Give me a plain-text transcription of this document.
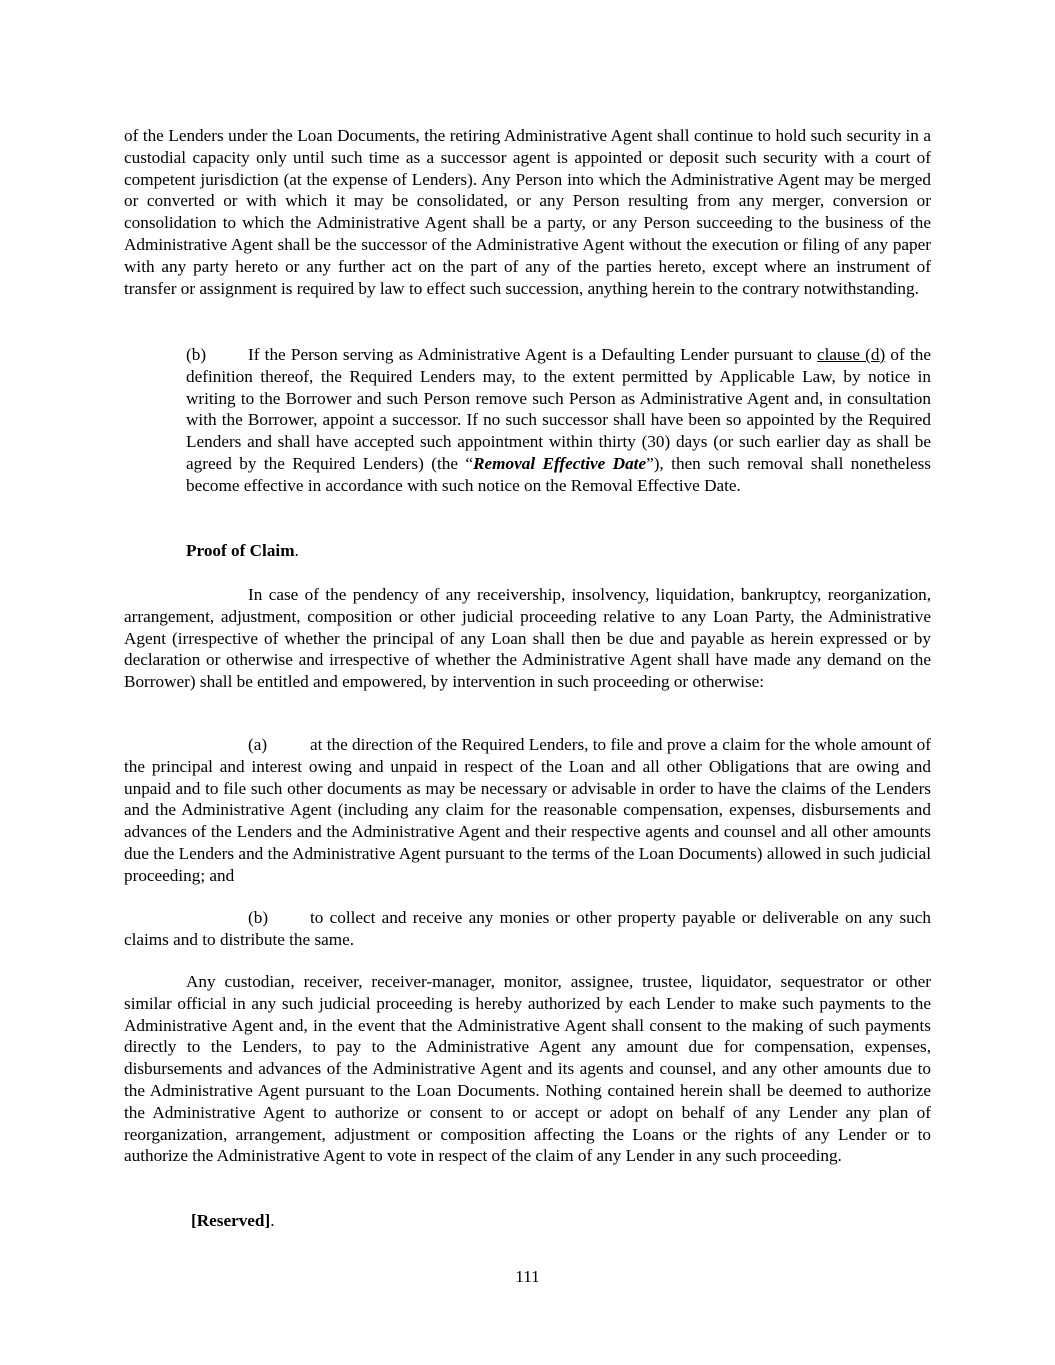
of the Lenders under the Loan Documents, the retiring Administrative Agent shall continue to hold such security in a custodial capacity only until such time as a successor agent is appointed or deposit such security with a court of competent jurisdiction (at the expense of Lenders). Any Person into which the Administrative Agent may be merged or converted or with which it may be consolidated, or any Person resulting from any merger, conversion or consolidation to which the Administrative Agent shall be a party, or any Person succeeding to the business of the Administrative Agent shall be the successor of the Administrative Agent without the execution or filing of any paper with any party hereto or any further act on the part of any of the parties hereto, except where an instrument of transfer or assignment is required by law to effect such succession, anything herein to the contrary notwithstanding.

(b) If the Person serving as Administrative Agent is a Defaulting Lender pursuant to clause (d) of the definition thereof, the Required Lenders may, to the extent permitted by Applicable Law, by notice in writing to the Borrower and such Person remove such Person as Administrative Agent and, in consultation with the Borrower, appoint a successor. If no such successor shall have been so appointed by the Required Lenders and shall have accepted such appointment within thirty (30) days (or such earlier day as shall be agreed by the Required Lenders) (the “Removal Effective Date”), then such removal shall nonetheless become effective in accordance with such notice on the Removal Effective Date.

Proof of Claim.

In case of the pendency of any receivership, insolvency, liquidation, bankruptcy, reorganization, arrangement, adjustment, composition or other judicial proceeding relative to any Loan Party, the Administrative Agent (irrespective of whether the principal of any Loan shall then be due and payable as herein expressed or by declaration or otherwise and irrespective of whether the Administrative Agent shall have made any demand on the Borrower) shall be entitled and empowered, by intervention in such proceeding or otherwise:

(a) at the direction of the Required Lenders, to file and prove a claim for the whole amount of the principal and interest owing and unpaid in respect of the Loan and all other Obligations that are owing and unpaid and to file such other documents as may be necessary or advisable in order to have the claims of the Lenders and the Administrative Agent (including any claim for the reasonable compensation, expenses, disbursements and advances of the Lenders and the Administrative Agent and their respective agents and counsel and all other amounts due the Lenders and the Administrative Agent pursuant to the terms of the Loan Documents) allowed in such judicial proceeding; and

(b) to collect and receive any monies or other property payable or deliverable on any such claims and to distribute the same.

Any custodian, receiver, receiver-manager, monitor, assignee, trustee, liquidator, sequestrator or other similar official in any such judicial proceeding is hereby authorized by each Lender to make such payments to the Administrative Agent and, in the event that the Administrative Agent shall consent to the making of such payments directly to the Lenders, to pay to the Administrative Agent any amount due for compensation, expenses, disbursements and advances of the Administrative Agent and its agents and counsel, and any other amounts due to the Administrative Agent pursuant to the Loan Documents. Nothing contained herein shall be deemed to authorize the Administrative Agent to authorize or consent to or accept or adopt on behalf of any Lender any plan of reorganization, arrangement, adjustment or composition affecting the Loans or the rights of any Lender or to authorize the Administrative Agent to vote in respect of the claim of any Lender in any such proceeding.

[Reserved].

111
